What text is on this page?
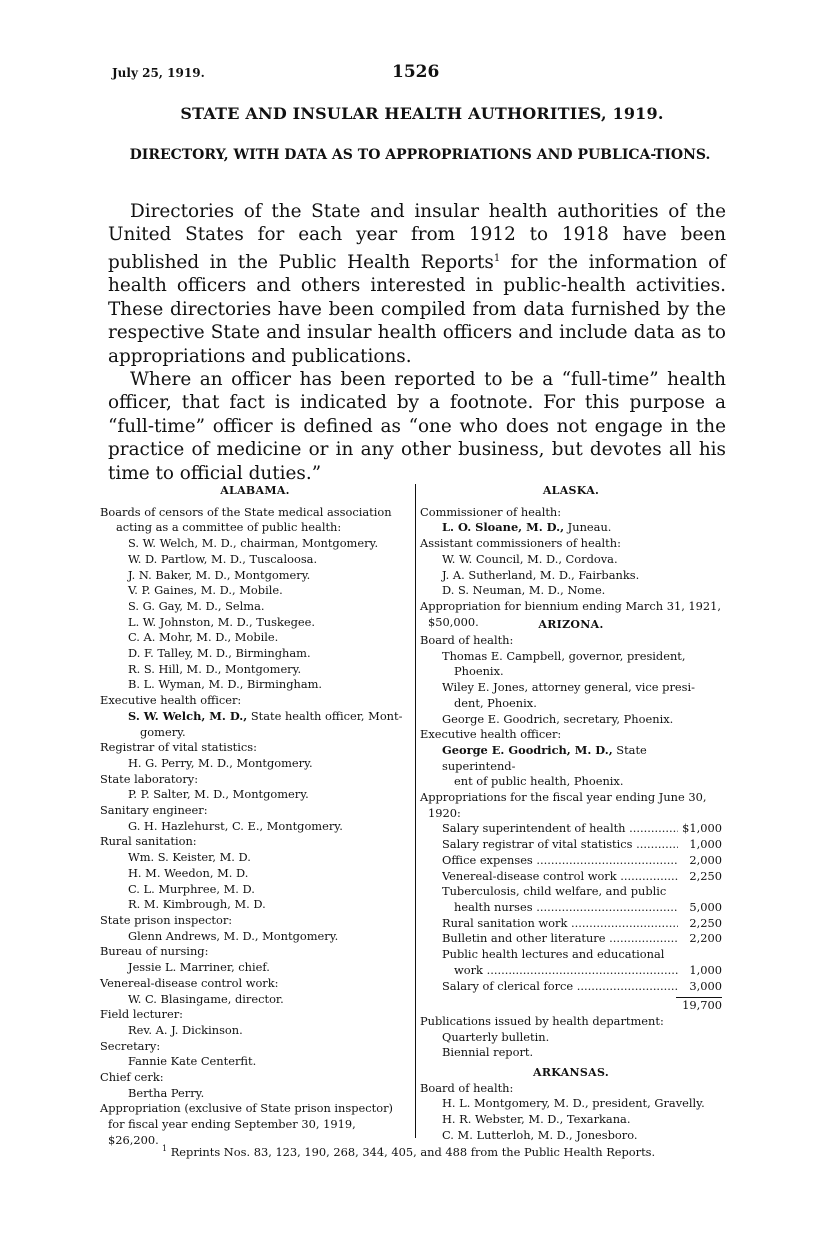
July 25, 1919.	1526
STATE AND INSULAR HEALTH AUTHORITIES, 1919.
DIRECTORY, WITH DATA AS TO APPROPRIATIONS AND PUBLICA-TIONS.

Directories of the State and insular health authorities of the United States for each year from 1912 to 1918 have been published in the Public Health Reports$^1$ for the information of health officers and others interested in public-health activities. These directories have been compiled from data furnished by the respective State and insular health officers and include data as to appropriations and publications.

Where an officer has been reported to be a “full-time” health officer, that fact is indicated by a footnote. For this purpose a “full-time” officer is defined as “one who does not engage in the practice of medicine or in any other business, but devotes all his time to official duties.”

ALABAMA.
Boards of censors of the State medical association
acting as a committee of public health:
S. W. Welch, M. D., chairman, Montgomery.
W. D. Partlow, M. D., Tuscaloosa.
J. N. Baker, M. D., Montgomery.
V. P. Gaines, M. D., Mobile.
S. G. Gay, M. D., Selma.
L. W. Johnston, M. D., Tuskegee.
C. A. Mohr, M. D., Mobile.
D. F. Talley, M. D., Birmingham.
R. S. Hill, M. D., Montgomery.
B. L. Wyman, M. D., Birmingham.
Executive health officer:
S. W. Welch, M. D., State health officer, Mont-
gomery.
Registrar of vital statistics:
H. G. Perry, M. D., Montgomery.
State laboratory:
P. P. Salter, M. D., Montgomery.
Sanitary engineer:
G. H. Hazlehurst, C. E., Montgomery.
Rural sanitation:
Wm. S. Keister, M. D.
H. M. Weedon, M. D.
C. L. Murphree, M. D.
R. M. Kimbrough, M. D.
State prison inspector:
Glenn Andrews, M. D., Montgomery.
Bureau of nursing:
Jessie L. Marriner, chief.
Venereal-disease control work:
W. C. Blasingame, director.
Field lecturer:
Rev. A. J. Dickinson.
Secretary:
Fannie Kate Centerfit.
Chief cerk:
Bertha Perry.
Appropriation (exclusive of State prison inspector)
for fiscal year ending September 30, 1919, $26,200.
ALASKA.
Commissioner of health:
L. O. Sloane, M. D., Juneau.
Assistant commissioners of health:
W. W. Council, M. D., Cordova.
J. A. Sutherland, M. D., Fairbanks.
D. S. Neuman, M. D., Nome.
Appropriation for biennium ending March 31, 1921,
$50,000.	ARIZONA.
Board of health:
Thomas E. Campbell, governor, president,
Phoenix.
Wiley E. Jones, attorney general, vice presi-
dent, Phoenix.
George E. Goodrich, secretary, Phoenix.
Executive health officer:
George E. Goodrich, M. D., State superintend-
ent of public health, Phoenix.
Appropriations for the fiscal year ending June 30,
1920:
Salary superintendent of health .....	$1,000
Salary registrar of vital statistics .....	1,000
Office expenses .....	2,000
Venereal-disease control work .....	2,250
Tuberculosis, child welfare, and public
health nurses .....	5,000
Rural sanitation work .....	2,250
Bulletin and other literature .....	2,200
Public health lectures and educational
work .....	1,000
Salary of clerical force .....	3,000
19,700
Publications issued by health department:
Quarterly bulletin.
Biennial report.
ARKANSAS.
Board of health:
H. L. Montgomery, M. D., president, Gravelly.
H. R. Webster, M. D., Texarkana.
C. M. Lutterloh, M. D., Jonesboro.
$^1$ Reprints Nos. 83, 123, 190, 268, 344, 405, and 488 from the Public Health Reports.
